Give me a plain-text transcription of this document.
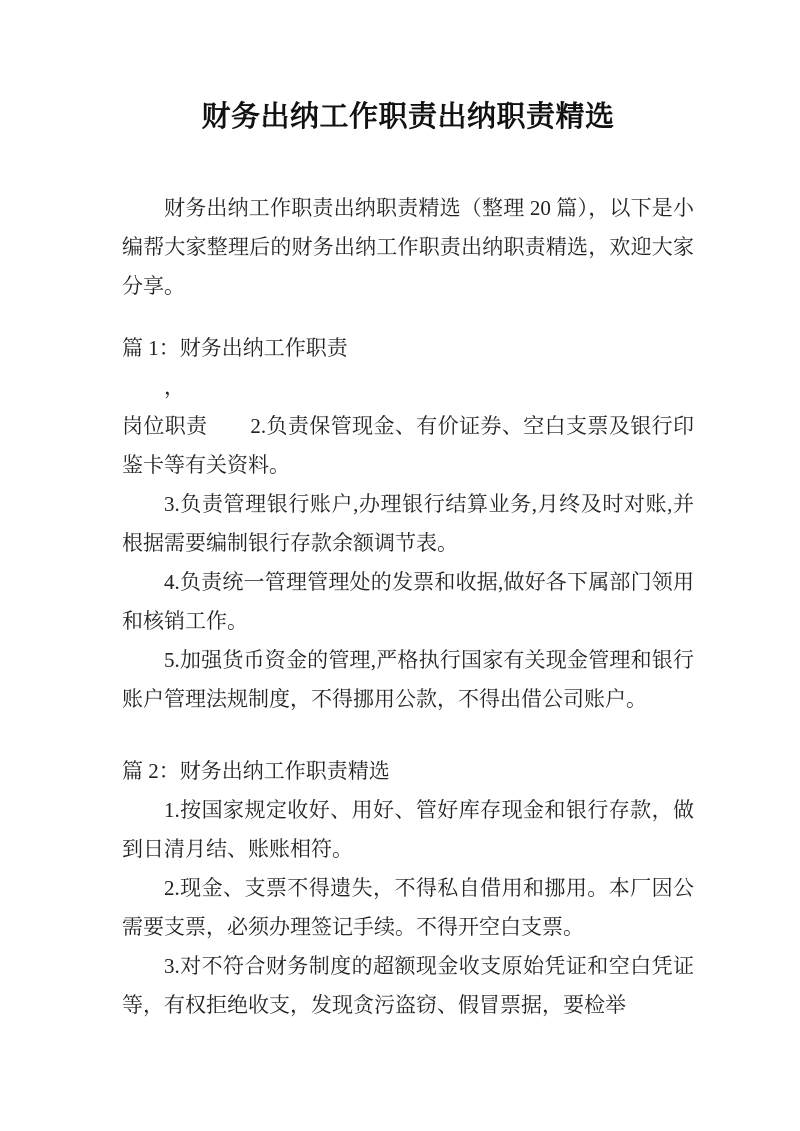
财务出纳工作职责出纳职责精选

财务出纳工作职责出纳职责精选（整理 20 篇），以下是小编帮大家整理后的财务出纳工作职责出纳职责精选，欢迎大家分享。

篇 1：财务出纳工作职责

，

岗位职责　　2.负责保管现金、有价证券、空白支票及银行印鉴卡等有关资料。

3.负责管理银行账户,办理银行结算业务,月终及时对账,并根据需要编制银行存款余额调节表。

4.负责统一管理管理处的发票和收据,做好各下属部门领用和核销工作。

5.加强货币资金的管理,严格执行国家有关现金管理和银行账户管理法规制度，不得挪用公款，不得出借公司账户。

篇 2：财务出纳工作职责精选

1.按国家规定收好、用好、管好库存现金和银行存款，做到日清月结、账账相符。

2.现金、支票不得遗失，不得私自借用和挪用。本厂因公需要支票，必须办理签记手续。不得开空白支票。

3.对不符合财务制度的超额现金收支原始凭证和空白凭证等，有权拒绝收支，发现贪污盗窃、假冒票据，要检举
